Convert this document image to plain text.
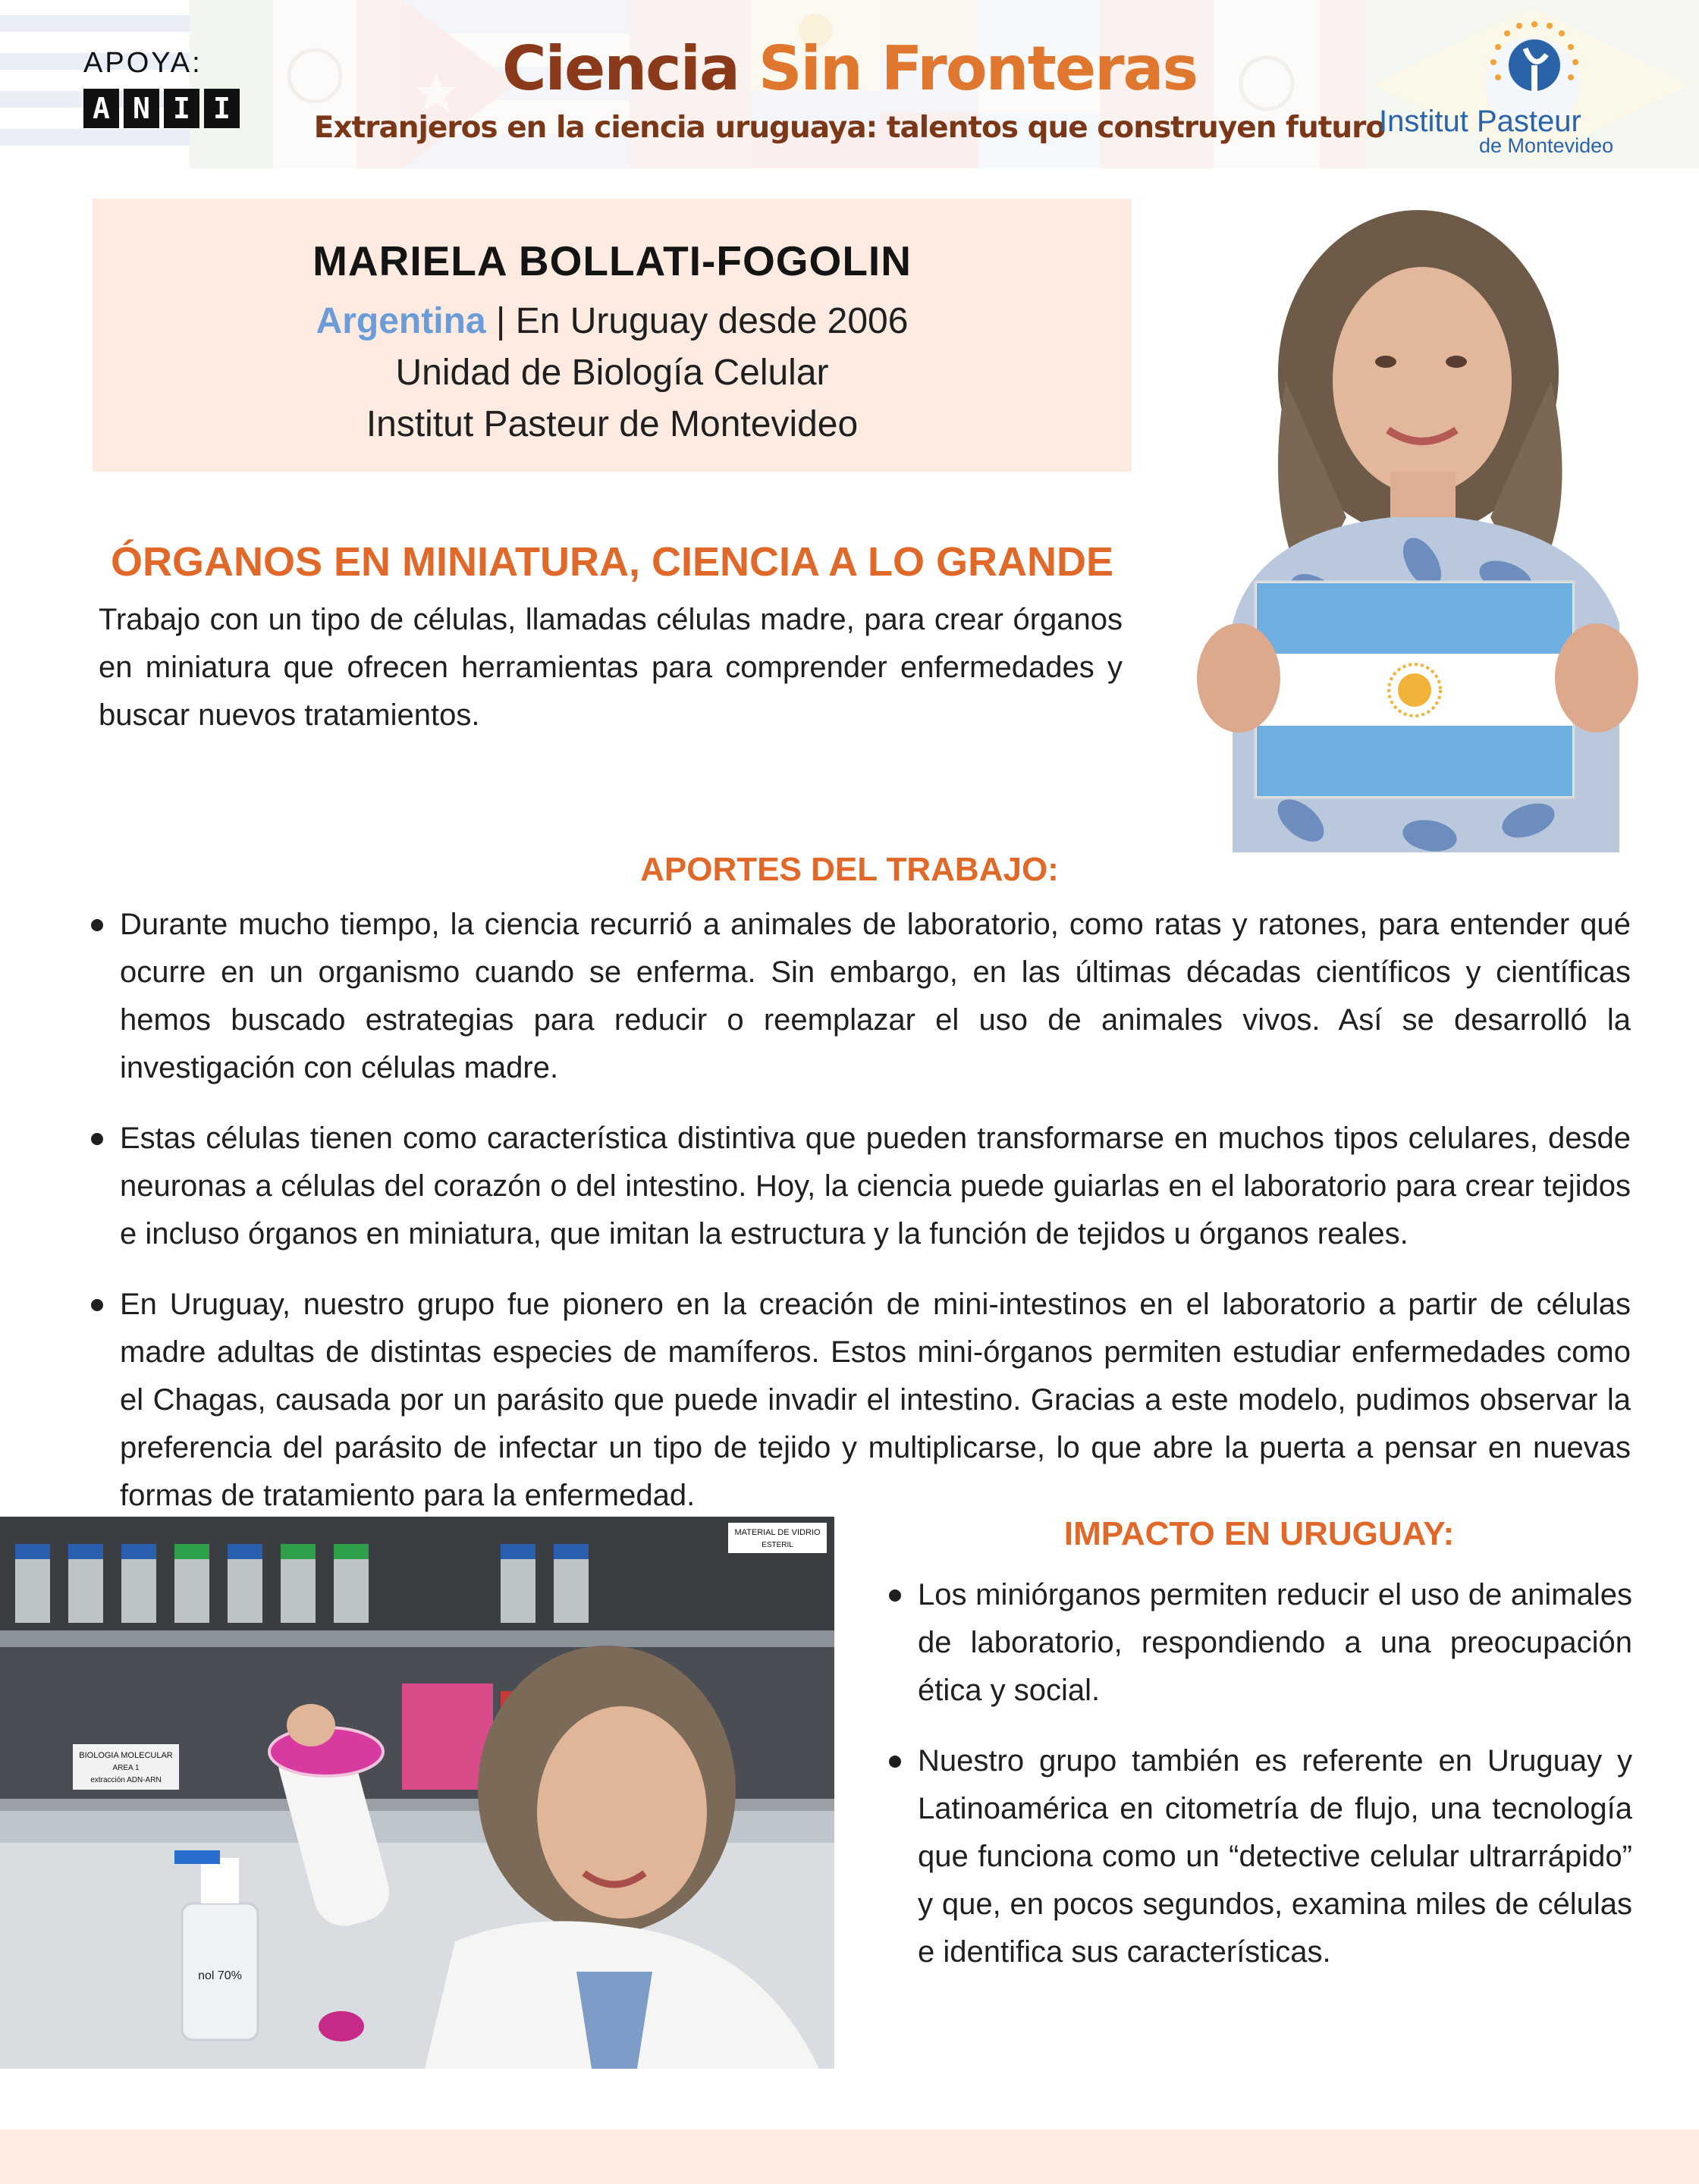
APOYA:
A N I I
Ciencia Sin Fronteras
Extranjeros en la ciencia uruguaya: talentos que construyen futuro
Institut Pasteur
de Montevideo
MARIELA BOLLATI-FOGOLIN
Argentina | En Uruguay desde 2006
Unidad de Biología Celular
Institut Pasteur de Montevideo
ÓRGANOS EN MINIATURA, CIENCIA A LO GRANDE
Trabajo con un tipo de células, llamadas células madre, para crear órganos en miniatura que ofrecen herramientas para comprender enfermedades y buscar nuevos tratamientos.
APORTES DEL TRABAJO:
Durante mucho tiempo, la ciencia recurrió a animales de laboratorio, como ratas y ratones, para entender qué ocurre en un organismo cuando se enferma. Sin embargo, en las últimas décadas científicos y científicas hemos buscado estrategias para reducir o reemplazar el uso de animales vivos. Así se desarrolló la investigación con células madre.
Estas células tienen como característica distintiva que pueden transformarse en muchos tipos celulares, desde neuronas a células del corazón o del intestino. Hoy, la ciencia puede guiarlas en el laboratorio para crear tejidos e incluso órganos en miniatura, que imitan la estructura y la función de tejidos u órganos reales.
En Uruguay, nuestro grupo fue pionero en la creación de mini-intestinos en el laboratorio a partir de células madre adultas de distintas especies de mamíferos. Estos mini-órganos permiten estudiar enfermedades como el Chagas, causada por un parásito que puede invadir el intestino. Gracias a este modelo, pudimos observar la preferencia del parásito de infectar un tipo de tejido y multiplicarse, lo que abre la puerta a pensar en nuevas formas de tratamiento para la enfermedad.
MATERIAL DE VIDRIO
ESTERIL
BIOLOGIA MOLECULAR
AREA 1
extracción ADN-ARN
nol 70%
IMPACTO EN URUGUAY:
Los miniórganos permiten reducir el uso de animales de laboratorio, respondiendo a una preocupación ética y social.
Nuestro grupo también es referente en Uruguay y Latinoamérica en citometría de flujo, una tecnología que funciona como un “detective celular ultrarrápido” y que, en pocos segundos, examina miles de células e identifica sus características.
